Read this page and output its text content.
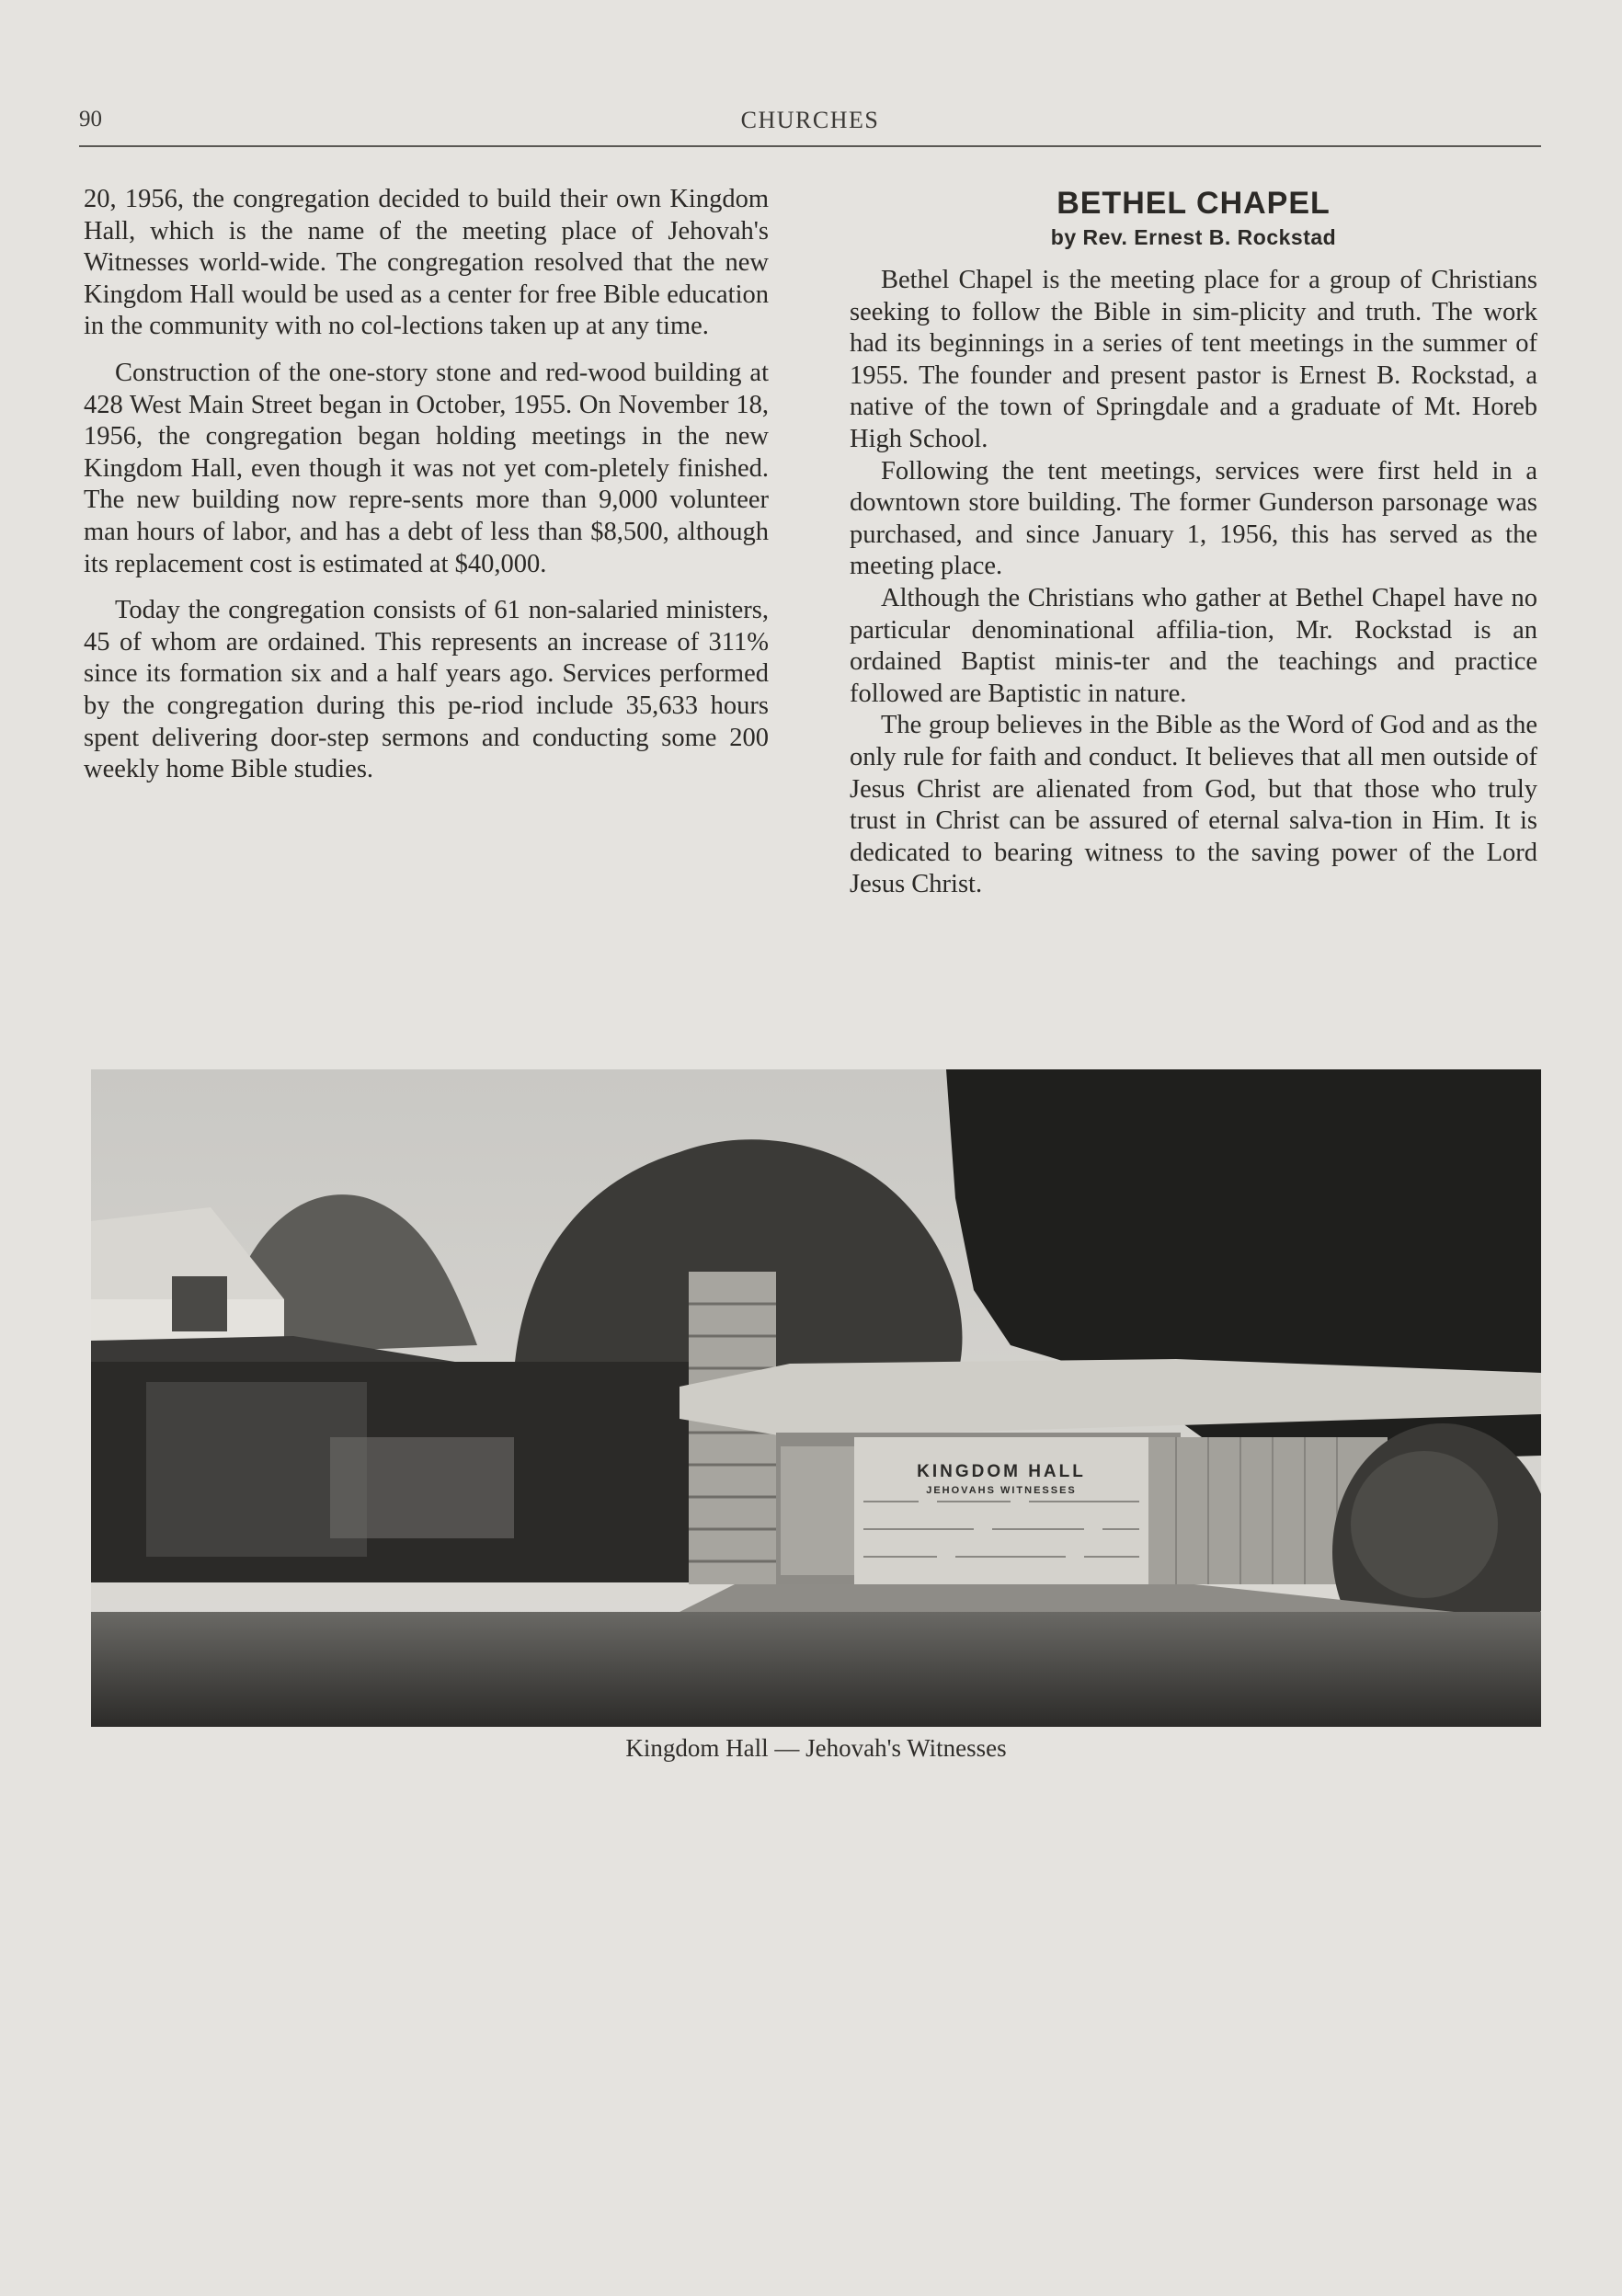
90	CHURCHES

20, 1956, the congregation decided to build their own Kingdom Hall, which is the name of the meeting place of Jehovah's Witnesses world-wide. The congregation resolved that the new Kingdom Hall would be used as a center for free Bible education in the community with no col-lections taken up at any time.

Construction of the one-story stone and red-wood building at 428 West Main Street began in October, 1955. On November 18, 1956, the congregation began holding meetings in the new Kingdom Hall, even though it was not yet com-pletely finished. The new building now repre-sents more than 9,000 volunteer man hours of labor, and has a debt of less than $8,500, although its replacement cost is estimated at $40,000.

Today the congregation consists of 61 non-salaried ministers, 45 of whom are ordained. This represents an increase of 311% since its formation six and a half years ago. Services performed by the congregation during this pe-riod include 35,633 hours spent delivering door-step sermons and conducting some 200 weekly home Bible studies.

BETHEL CHAPEL
by Rev. Ernest B. Rockstad

Bethel Chapel is the meeting place for a group of Christians seeking to follow the Bible in sim-plicity and truth. The work had its beginnings in a series of tent meetings in the summer of 1955. The founder and present pastor is Ernest B. Rockstad, a native of the town of Springdale and a graduate of Mt. Horeb High School.

Following the tent meetings, services were first held in a downtown store building. The former Gunderson parsonage was purchased, and since January 1, 1956, this has served as the meeting place.

Although the Christians who gather at Bethel Chapel have no particular denominational affilia-tion, Mr. Rockstad is an ordained Baptist minis-ter and the teachings and practice followed are Baptistic in nature.

The group believes in the Bible as the Word of God and as the only rule for faith and conduct. It believes that all men outside of Jesus Christ are alienated from God, but that those who truly trust in Christ can be assured of eternal salva-tion in Him. It is dedicated to bearing witness to the saving power of the Lord Jesus Christ.

KINGDOM HALL
JEHOVAHS WITNESSES
Kingdom Hall — Jehovah's Witnesses
